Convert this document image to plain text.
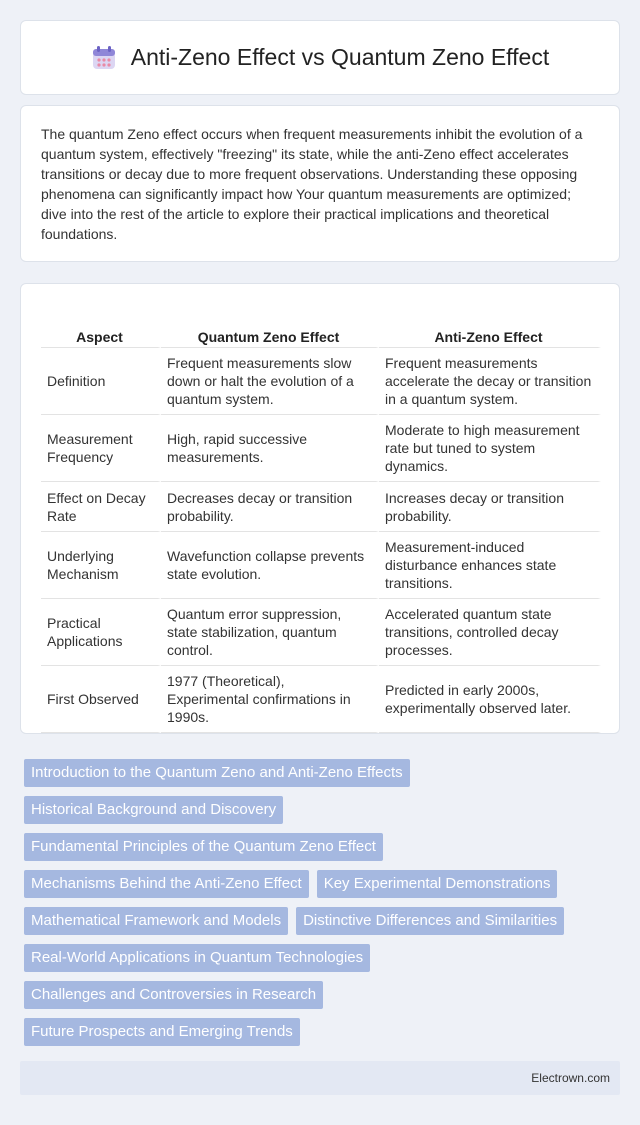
Anti-Zeno Effect vs Quantum Zeno Effect

The quantum Zeno effect occurs when frequent measurements inhibit the evolution of a quantum system, effectively "freezing" its state, while the anti-Zeno effect accelerates transitions or decay due to more frequent observations. Understanding these opposing phenomena can significantly impact how Your quantum measurements are optimized; dive into the rest of the article to explore their practical implications and theoretical foundations.

Aspect	Quantum Zeno Effect	Anti-Zeno Effect
Definition	Frequent measurements slow down or halt the evolution of a quantum system.	Frequent measurements accelerate the decay or transition in a quantum system.
Measurement Frequency	High, rapid successive measurements.	Moderate to high measurement rate but tuned to system dynamics.
Effect on Decay Rate	Decreases decay or transition probability.	Increases decay or transition probability.
Underlying Mechanism	Wavefunction collapse prevents state evolution.	Measurement-induced disturbance enhances state transitions.
Practical Applications	Quantum error suppression, state stabilization, quantum control.	Accelerated quantum state transitions, controlled decay processes.
First Observed	1977 (Theoretical), Experimental confirmations in 1990s.	Predicted in early 2000s, experimentally observed later.
Introduction to the Quantum Zeno and Anti-Zeno Effects
Historical Background and Discovery
Fundamental Principles of the Quantum Zeno Effect
Mechanisms Behind the Anti-Zeno Effect	Key Experimental Demonstrations
Mathematical Framework and Models	Distinctive Differences and Similarities
Real-World Applications in Quantum Technologies
Challenges and Controversies in Research
Future Prospects and Emerging Trends
Electrown.com
